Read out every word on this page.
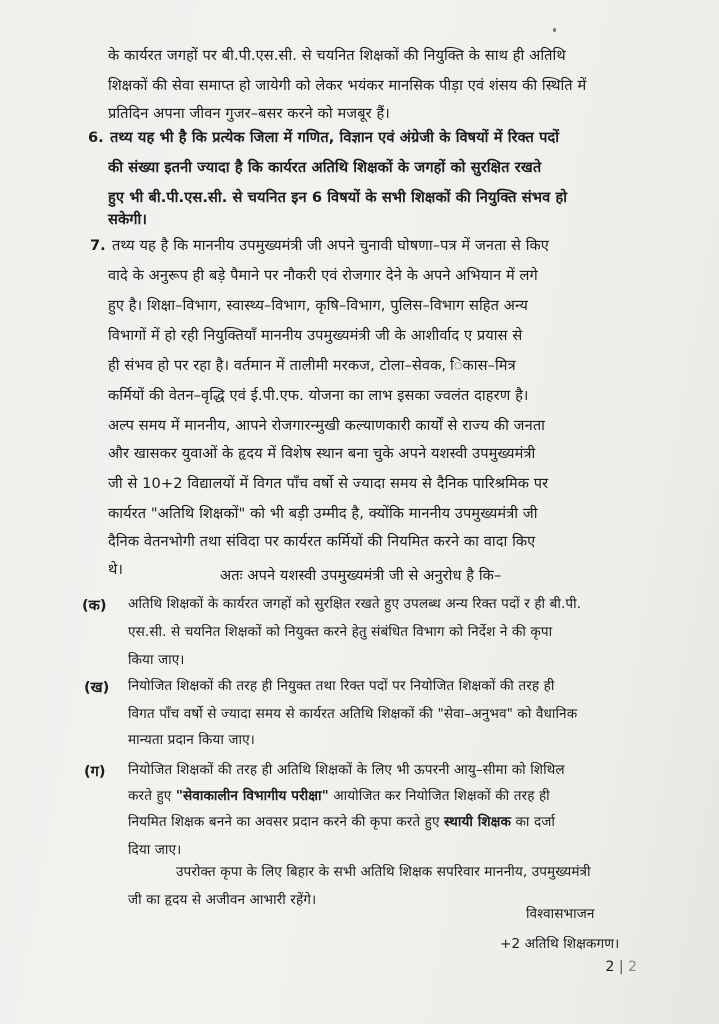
के कार्यरत जगहों पर बी.पी.एस.सी. से चयनित शिक्षकों की नियुक्ति के साथ ही अतिथि
शिक्षकों की सेवा समाप्त हो जायेगी को लेकर भयंकर मानसिक पीड़ा एवं शंसय की स्थिति में
प्रतिदिन अपना जीवन गुजर–बसर करने को मजबूर हैं।
6. तथ्य यह भी है कि प्रत्येक जिला में गणित, विज्ञान एवं अंग्रेजी के विषयों में रिक्त पदों
की संख्या इतनी ज्यादा है कि कार्यरत अतिथि शिक्षकों के जगहों को सुरक्षित रखते
हुए भी बी.पी.एस.सी. से चयनित इन 6 विषयों के सभी शिक्षकों की नियुक्ति संभव हो
सकेगी।
7. तथ्य यह है कि माननीय उपमुख्यमंत्री जी अपने चुनावी घोषणा–पत्र में जनता से किए
वादे के अनुरूप ही बड़े पैमाने पर नौकरी एवं रोजगार देने के अपने अभियान में लगे
हुए है। शिक्षा–विभाग, स्वास्थ्य–विभाग, कृषि–विभाग, पुलिस–विभाग सहित अन्य
विभागों में हो रही नियुक्तियाँ माननीय उपमुख्यमंत्री जी के आशीर्वाद ए प्रयास से
ही संभव हो पर रहा है। वर्तमान में तालीमी मरकज, टोला–सेवक, िकास–मित्र
कर्मियों की वेतन–वृद्धि एवं ई.पी.एफ. योजना का लाभ इसका ज्वलंत दाहरण है।
अल्प समय में माननीय, आपने रोजगारन्मुखी कल्याणकारी कार्यों से राज्य की जनता
और खासकर युवाओं के हृदय में विशेष स्थान बना चुके अपने यशस्वी उपमुख्यमंत्री
जी से 10+2 विद्यालयों में विगत पाँच वर्षो से ज्यादा समय से दैनिक पारिश्रमिक पर
कार्यरत "अतिथि शिक्षकों" को भी बड़ी उम्मीद है, क्योंकि माननीय उपमुख्यमंत्री जी
दैनिक वेतनभोगी तथा संविदा पर कार्यरत कर्मियों की नियमित करने का वादा किए
थे।	अतः अपने यशस्वी उपमुख्यमंत्री जी से अनुरोध है कि–
(क) अतिथि शिक्षकों के कार्यरत जगहों को सुरक्षित रखते हुए उपलब्ध अन्य रिक्त पदों र ही बी.पी.
एस.सी. से चयनित शिक्षकों को नियुक्त करने हेतु संबंधित विभाग को निर्देश ने की कृपा
किया जाए।
(ख) नियोजित शिक्षकों की तरह ही नियुक्त तथा रिक्त पदों पर नियोजित शिक्षकों की तरह ही
विगत पाँच वर्षो से ज्यादा समय से कार्यरत अतिथि शिक्षकों की "सेवा–अनुभव" को वैधानिक
मान्यता प्रदान किया जाए।
(ग) नियोजित शिक्षकों की तरह ही अतिथि शिक्षकों के लिए भी ऊपरनी आयु–सीमा को शिथिल
करते हुए "सेवाकालीन विभागीय परीक्षा" आयोजित कर नियोजित शिक्षकों की तरह ही
नियमित शिक्षक बनने का अवसर प्रदान करने की कृपा करते हुए स्थायी शिक्षक का दर्जा
दिया जाए।
उपरोक्त कृपा के लिए बिहार के सभी अतिथि शिक्षक सपरिवार माननीय, उपमुख्यमंत्री
जी का हृदय से अजीवन आभारी रहेंगे।
विश्वासभाजन
+2 अतिथि शिक्षकगण।
2 | 2
